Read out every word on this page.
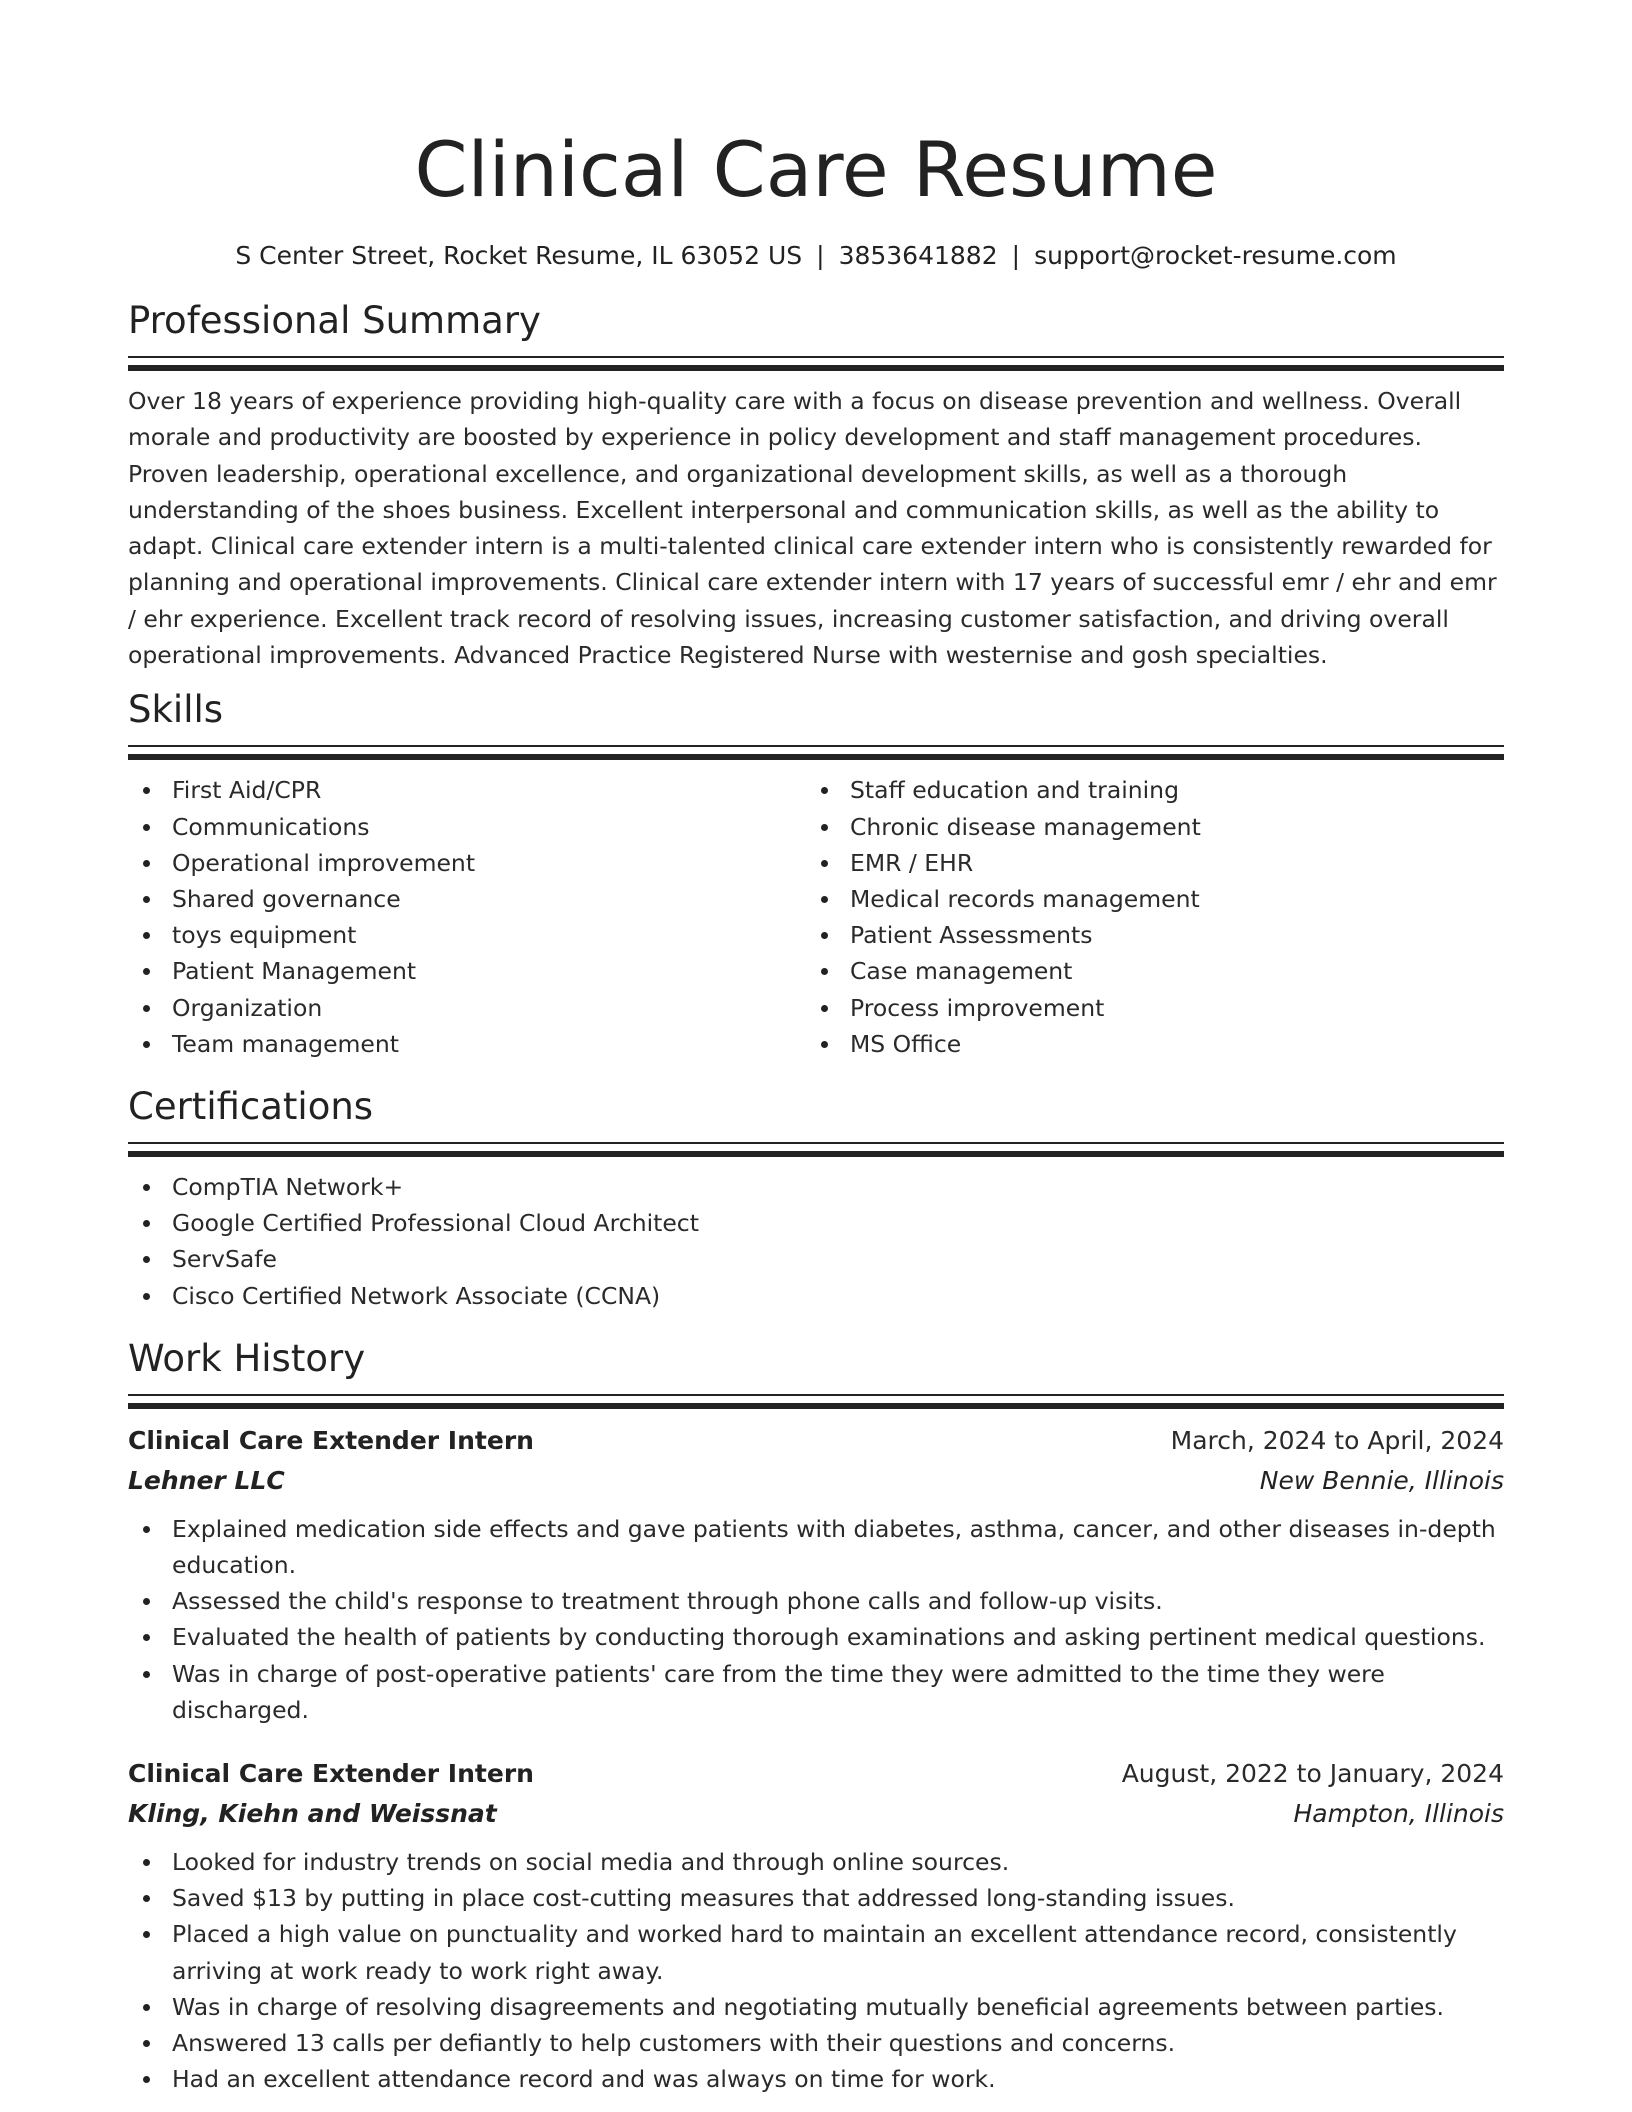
Clinical Care Resume
S Center Street, Rocket Resume, IL 63052 US | 3853641882 | support@rocket-resume.com
Professional Summary

Over 18 years of experience providing high-quality care with a focus on disease prevention and wellness. Overall morale and productivity are boosted by experience in policy development and staff management procedures. Proven leadership, operational excellence, and organizational development skills, as well as a thorough understanding of the shoes business. Excellent interpersonal and communication skills, as well as the ability to adapt. Clinical care extender intern is a multi-talented clinical care extender intern who is consistently rewarded for planning and operational improvements. Clinical care extender intern with 17 years of successful emr / ehr and emr / ehr experience. Excellent track record of resolving issues, increasing customer satisfaction, and driving overall operational improvements. Advanced Practice Registered Nurse with westernise and gosh specialties.

Skills
First Aid/CPR
Communications
Operational improvement
Shared governance
toys equipment
Patient Management
Organization
Team management
Staff education and training
Chronic disease management
EMR / EHR
Medical records management
Patient Assessments
Case management
Process improvement
MS Office
Certifications
CompTIA Network+
Google Certified Professional Cloud Architect
ServSafe
Cisco Certified Network Associate (CCNA)
Work History
Clinical Care Extender Intern	March, 2024 to April, 2024
Lehner LLC	New Bennie, Illinois
Explained medication side effects and gave patients with diabetes, asthma, cancer, and other diseases in-depth education.
Assessed the child's response to treatment through phone calls and follow-up visits.
Evaluated the health of patients by conducting thorough examinations and asking pertinent medical questions.
Was in charge of post-operative patients' care from the time they were admitted to the time they were discharged.
Clinical Care Extender Intern	August, 2022 to January, 2024
Kling, Kiehn and Weissnat	Hampton, Illinois
Looked for industry trends on social media and through online sources.
Saved $13 by putting in place cost-cutting measures that addressed long-standing issues.
Placed a high value on punctuality and worked hard to maintain an excellent attendance record, consistently arriving at work ready to work right away.
Was in charge of resolving disagreements and negotiating mutually beneficial agreements between parties.
Answered 13 calls per defiantly to help customers with their questions and concerns.
Had an excellent attendance record and was always on time for work.
